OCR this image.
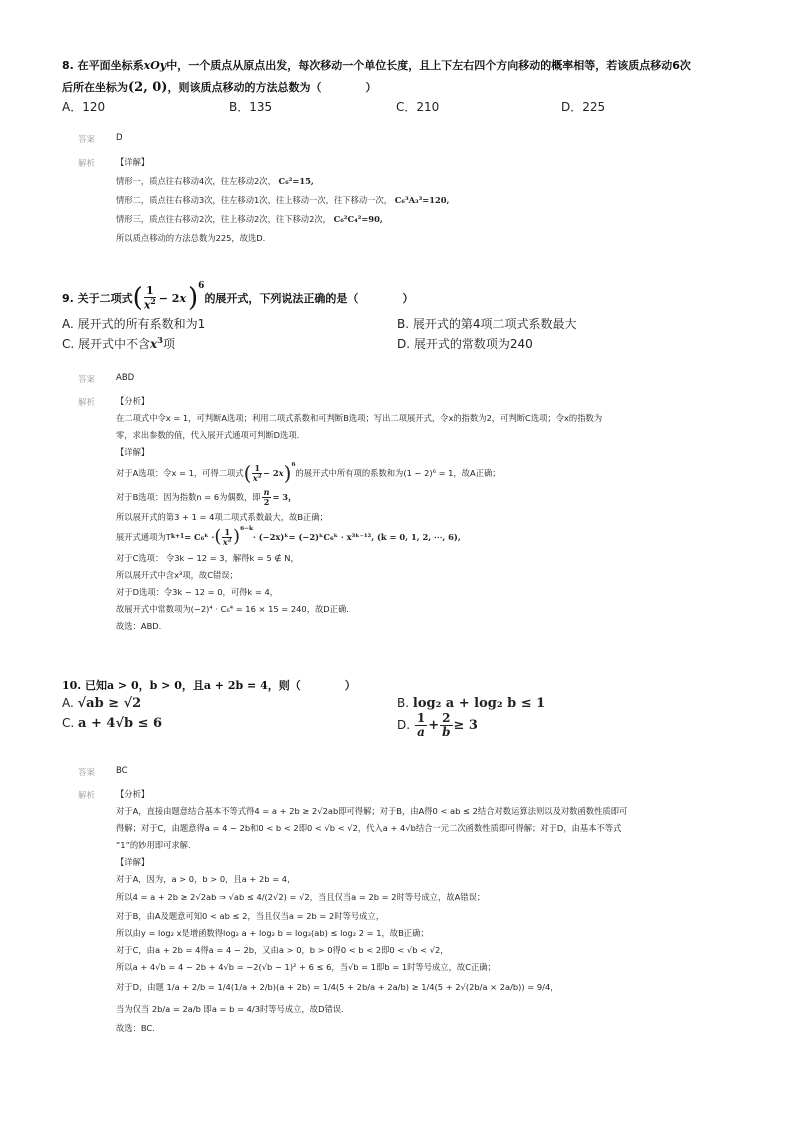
8. 在平面坐标系xOy中，一个质点从原点出发，每次移动一个单位长度，且上下左右四个方向移动的概率相等，若该质点移动6次
后所在坐标为(2, 0)，则该质点移动的方法总数为（	）
A．120	B．135	C．210	D．225
答案 D
解析	【详解】
情形一，质点往右移动4次，往左移动2次， C₆²=15,
情形二，质点往右移动3次，往左移动1次，往上移动一次，往下移动一次， C₆³A₃³=120,
情形三，质点往右移动2次，往上移动2次，往下移动2次， C₆²C₄²=90,
所以质点移动的方法总数为225，故选D.
9. 关于二项式 ( $\frac{1}{x^2} - 2x$ )$^6$
的展开式，下列说法正确的是（	）
A. 展开式的所有系数和为1	B. 展开式的第4项二项式系数最大
C. 展开式中不含$x^3$项	D. 展开式的常数项为240
答案 ABD
解析	【分析】
在二项式中令x = 1，可判断A选项；利用二项式系数和可判断B选项；写出二项展开式，令x的指数为2，可判断C选项；令x的指数为
零，求出参数的值，代入展开式通项可判断D选项.
【详解】
对于A选项：令x = 1，可得二项式 ( $\frac{1}{x^2} - 2x$ )$^6$
的展开式中所有项的系数和为(1 − 2)⁶ = 1，故A正确；
对于B选项：因为指数n = 6为偶数，即 $\frac{n}{2} = 3$，
所以展开式的第3 + 1 = 4项二项式系数最大，故B正确；
展开式通项为T k+1 = C₆ᵏ · ( $\frac{1}{x^2} )^{6-k}$
· (−2x)ᵏ = (−2)ᵏC₆ᵏ · x³ᵏ⁻¹², (k = 0, 1, 2, ⋯, 6),
对于C选项： 令3k − 12 = 3，解得k = 5 ∉ N，
所以展开式中含x³项，故C错误；
对于D选项：令3k − 12 = 0，可得k = 4，
故展开式中常数项为(−2)⁴ · C₆⁴ = 16 × 15 = 240，故D正确.
故选：ABD.
10. 已知a > 0，b > 0，且a + 2b = 4，则（	）
A. √ab ≥ √2	B. log₂ a + log₂ b ≤ 1
C. a + 4√b ≤ 6	D.
$\frac{1}{a} + \frac{2}{b} \ge 3$
答案 BC
解析	【分析】
对于A，直接由题意结合基本不等式得4 = a + 2b ≥ 2√2ab即可得解；对于B，由A得0 < ab ≤ 2结合对数运算法则以及对数函数性质即可
得解；对于C，由题意得a = 4 − 2b和0 < b < 2即0 < √b < √2，代入a + 4√b结合一元二次函数性质即可得解；对于D，由基本不等式
“1”的妙用即可求解.
【详解】
对于A，因为，a > 0，b > 0，且a + 2b = 4，
所以4 = a + 2b ≥ 2√2ab ⇒ √ab ≤ 4/(2√2) = √2，当且仅当a = 2b = 2时等号成立，故A错误；
对于B，由A及题意可知0 < ab ≤ 2，当且仅当a = 2b = 2时等号成立，
所以由y = log₂ x是增函数得log₂ a + log₂ b = log₂(ab) ≤ log₂ 2 = 1，故B正确；
对于C，由a + 2b = 4得a = 4 − 2b，又由a > 0，b > 0得0 < b < 2即0 < √b < √2，
所以a + 4√b = 4 − 2b + 4√b = −2(√b − 1)² + 6 ≤ 6，当√b = 1即b = 1时等号成立，故C正确；
对于D，由题 1/a + 2/b = 1/4(1/a + 2/b)(a + 2b) = 1/4(5 + 2b/a + 2a/b) ≥ 1/4(5 + 2√(2b/a × 2a/b)) = 9/4，
当为仅当 2b/a = 2a/b 即a = b = 4/3时等号成立，故D错误.
故选：BC.
